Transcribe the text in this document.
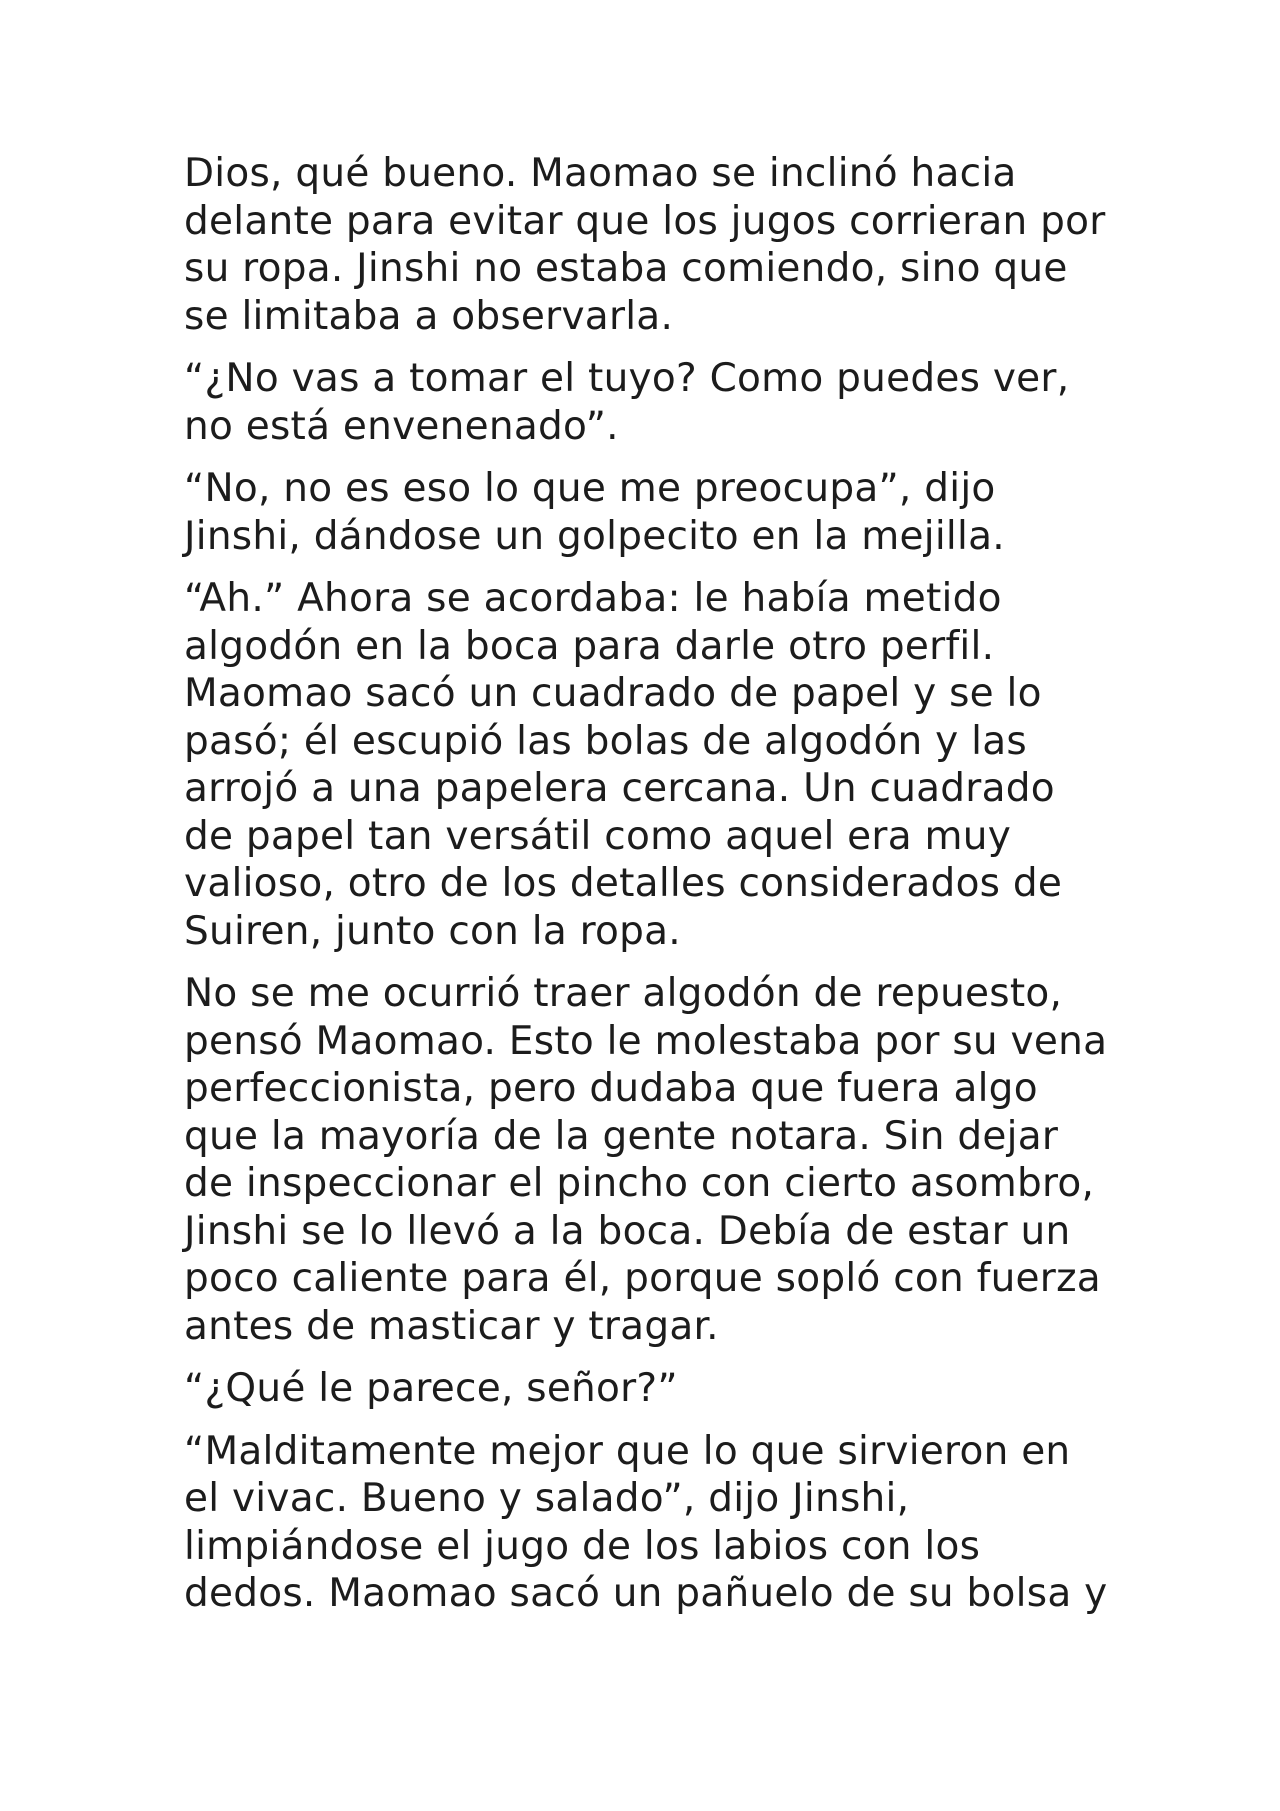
Dios, qué bueno. Maomao se inclinó hacia
delante para evitar que los jugos corrieran por
su ropa. Jinshi no estaba comiendo, sino que
se limitaba a observarla.

“¿No vas a tomar el tuyo? Como puedes ver,
no está envenenado”.

“No, no es eso lo que me preocupa”, dijo
Jinshi, dándose un golpecito en la mejilla.

“Ah.” Ahora se acordaba: le había metido
algodón en la boca para darle otro perfil.
Maomao sacó un cuadrado de papel y se lo
pasó; él escupió las bolas de algodón y las
arrojó a una papelera cercana. Un cuadrado
de papel tan versátil como aquel era muy
valioso, otro de los detalles considerados de
Suiren, junto con la ropa.

No se me ocurrió traer algodón de repuesto,
pensó Maomao. Esto le molestaba por su vena
perfeccionista, pero dudaba que fuera algo
que la mayoría de la gente notara. Sin dejar
de inspeccionar el pincho con cierto asombro,
Jinshi se lo llevó a la boca. Debía de estar un
poco caliente para él, porque sopló con fuerza
antes de masticar y tragar.

“¿Qué le parece, señor?”

“Malditamente mejor que lo que sirvieron en
el vivac. Bueno y salado”, dijo Jinshi,
limpiándose el jugo de los labios con los
dedos. Maomao sacó un pañuelo de su bolsa y
